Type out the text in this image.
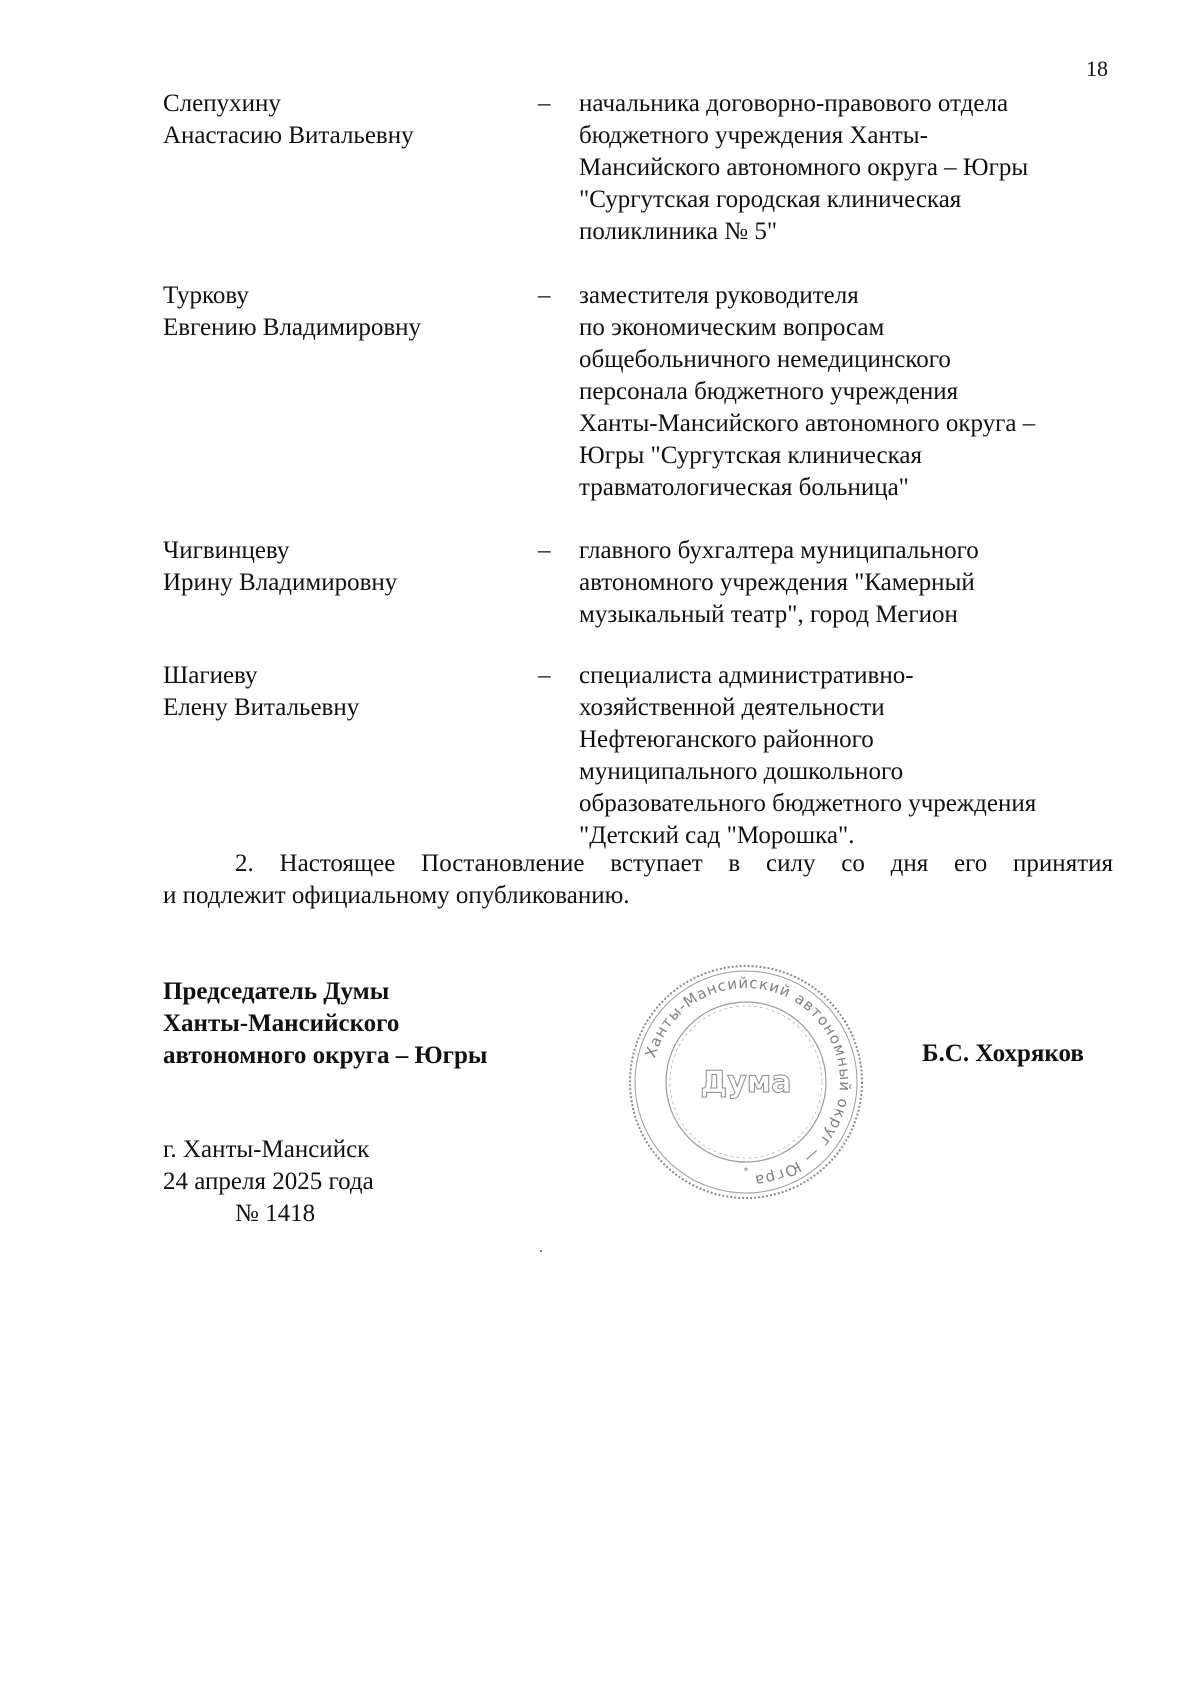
18
Слепухину
Анастасию Витальевну
– начальника договорно-правового отдела
бюджетного учреждения Ханты-
Мансийского автономного округа – Югры
"Сургутская городская клиническая
поликлиника № 5"
Туркову
Евгению Владимировну
– заместителя руководителя
по экономическим вопросам
общебольничного немедицинского
персонала бюджетного учреждения
Ханты-Мансийского автономного округа –
Югры "Сургутская клиническая
травматологическая больница"
Чигвинцеву
Ирину Владимировну
– главного бухгалтера муниципального
автономного учреждения "Камерный
музыкальный театр", город Мегион
Шагиеву
Елену Витальевну
– специалиста административно-
хозяйственной деятельности
Нефтеюганского районного
муниципального дошкольного
образовательного бюджетного учреждения
"Детский сад "Морошка".
2. Настоящее Постановление вступает в силу со дня его принятия
и подлежит официальному опубликованию.
Председатель Думы
Ханты-Мансийского
автономного округа – Югры	Ханты-Мансийский автономный округ — Югра
Дума
*
Б.С. Хохряков
г. Ханты-Мансийск
24 апреля 2025 года
№ 1418
